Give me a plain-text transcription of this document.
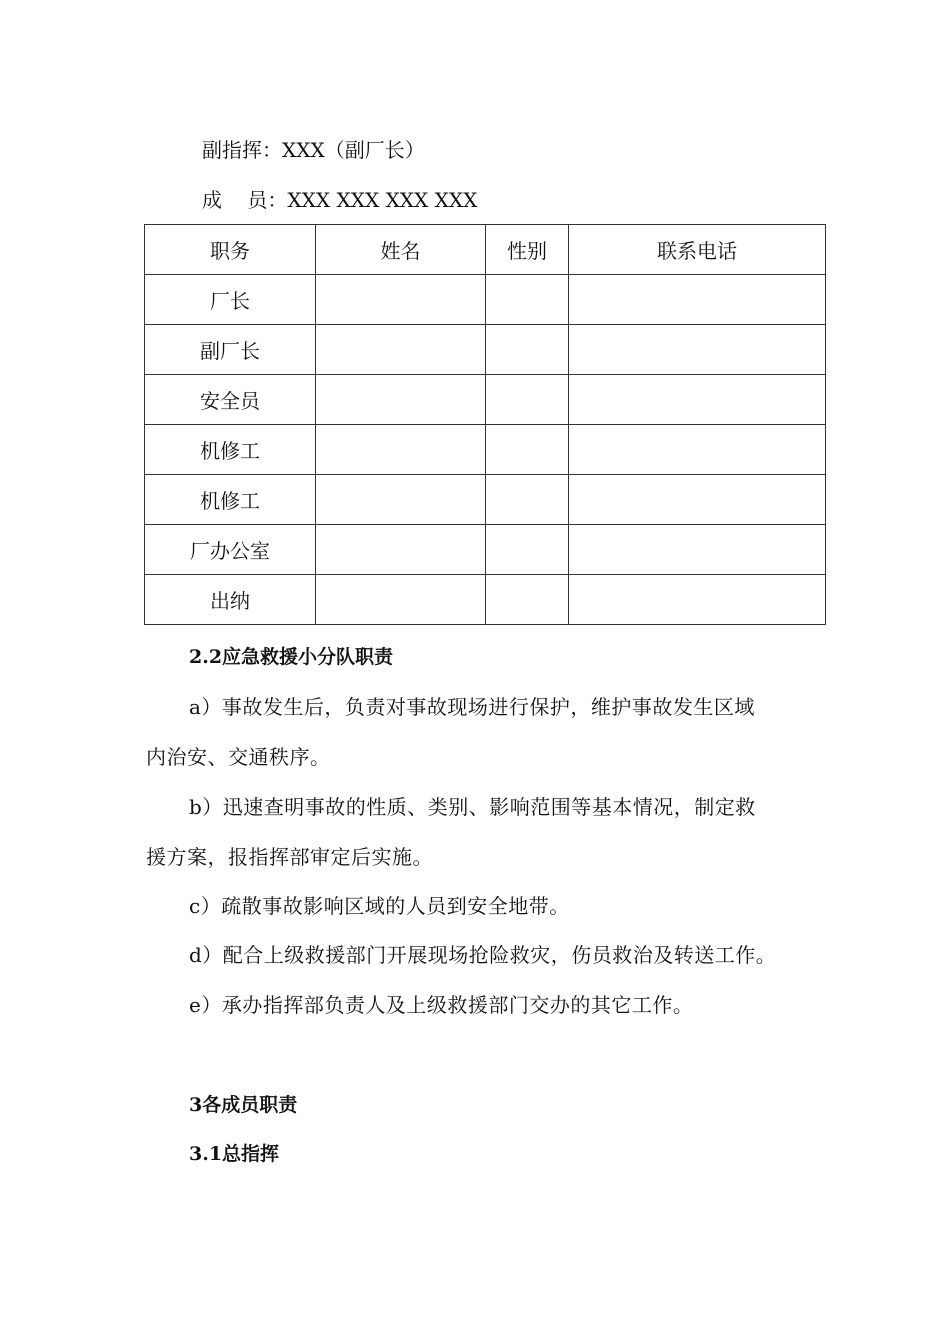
副指挥：XXX（副厂长）
成    员：XXX XXX XXX XXX
职务	姓名	性别	联系电话
厂长			
副厂长			
安全员			
机修工			
机修工			
厂办公室			
出纳			
2.2应急救援小分队职责
a）事故发生后，负责对事故现场进行保护，维护事故发生区域
内治安、交通秩序。
b）迅速查明事故的性质、类别、影响范围等基本情况，制定救
援方案，报指挥部审定后实施。
c）疏散事故影响区域的人员到安全地带。
d）配合上级救援部门开展现场抢险救灾，伤员救治及转送工作。
e）承办指挥部负责人及上级救援部门交办的其它工作。
3各成员职责
3.1总指挥
